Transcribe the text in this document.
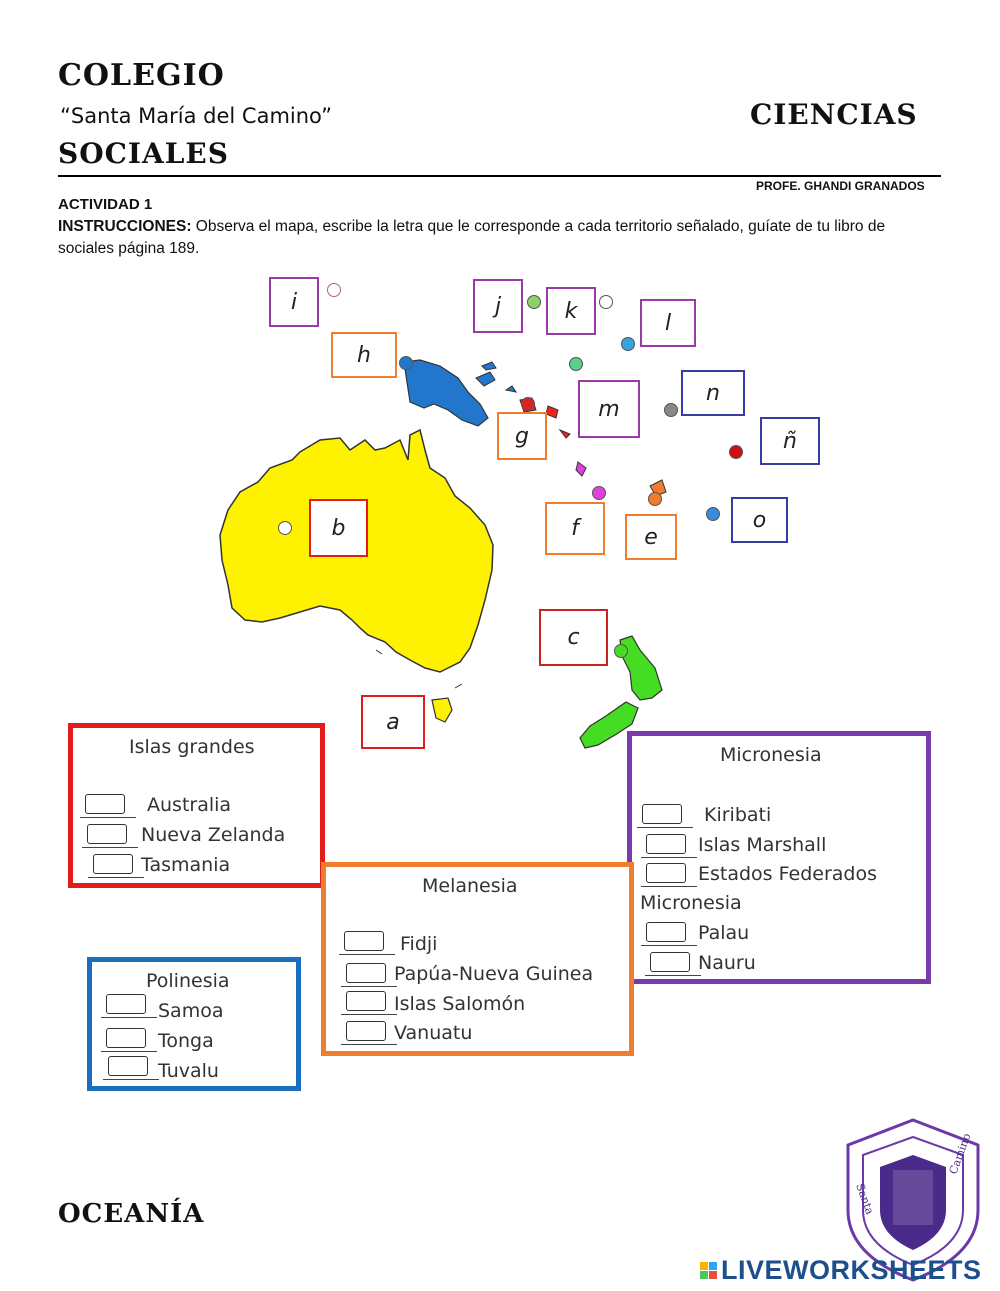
COLEGIO
“Santa María del Camino”	CIENCIAS
SOCIALES
PROFE. GHANDI GRANADOS
ACTIVIDAD 1
INSTRUCCIONES: Observa el mapa, escribe la letra que le corresponde a cada territorio señalado, guíate de tu libro de sociales página 189.
i
h
j	k	l
m
n
g	ñ
b	f	e
o
c
a
Islas grandes
Australia
Nueva Zelanda
Tasmania
Micronesia
Kiribati
Islas Marshall
Estados Federados
Micronesia
Palau
Nauru
Melanesia
Fidji
Papúa-Nueva Guinea
Islas Salomón
Vanuatu
Polinesia
Samoa
Tonga
Tuvalu
OCEANÍA	Santa
Camino
LIVEWORKSHEETS
